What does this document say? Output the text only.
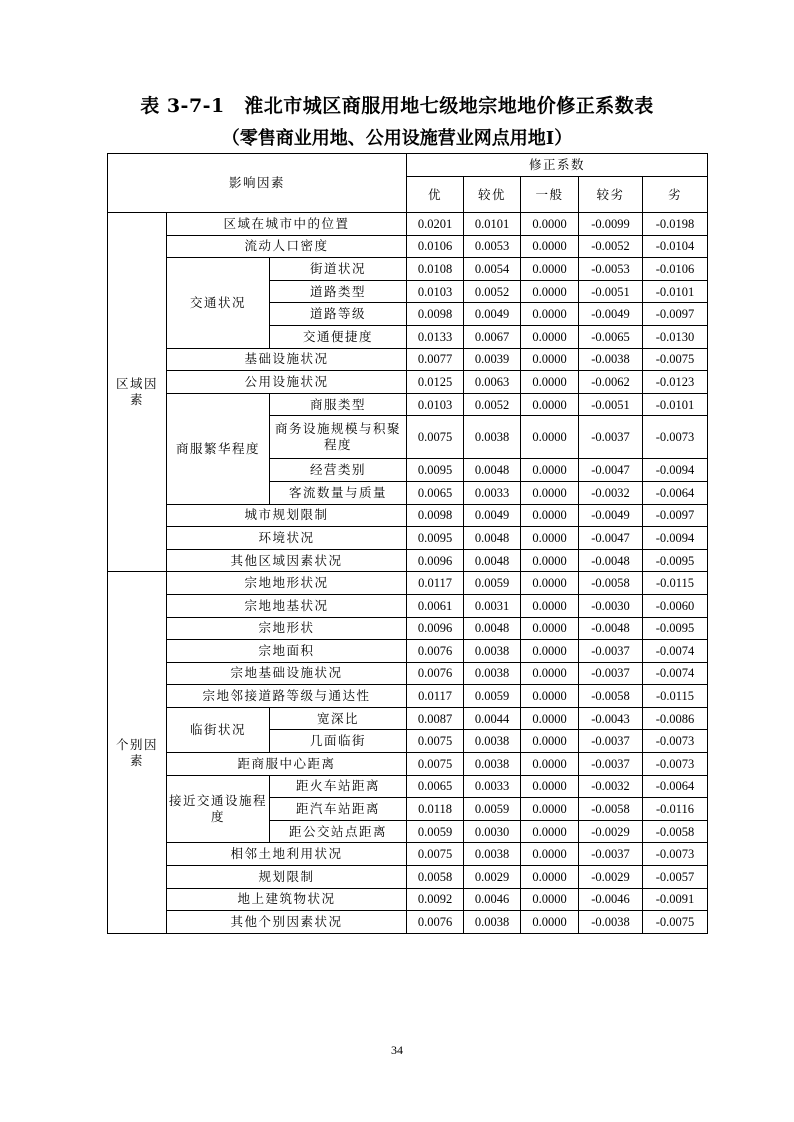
表 3-7-1　淮北市城区商服用地七级地宗地地价修正系数表
（零售商业用地、公用设施营业网点用地I）
影响因素			修正系数				
			优	较优	一般	较劣	劣
区域因素	区域在城市中的位置		0.0201	0.0101	0.0000	-0.0099	-0.0198
	流动人口密度		0.0106	0.0053	0.0000	-0.0052	-0.0104
	交通状况	街道状况	0.0108	0.0054	0.0000	-0.0053	-0.0106
		道路类型	0.0103	0.0052	0.0000	-0.0051	-0.0101
		道路等级	0.0098	0.0049	0.0000	-0.0049	-0.0097
		交通便捷度	0.0133	0.0067	0.0000	-0.0065	-0.0130
	基础设施状况		0.0077	0.0039	0.0000	-0.0038	-0.0075
	公用设施状况		0.0125	0.0063	0.0000	-0.0062	-0.0123
	商服繁华程度	商服类型	0.0103	0.0052	0.0000	-0.0051	-0.0101
		商务设施规模与积聚程度	0.0075	0.0038	0.0000	-0.0037	-0.0073
		经营类别	0.0095	0.0048	0.0000	-0.0047	-0.0094
		客流数量与质量	0.0065	0.0033	0.0000	-0.0032	-0.0064
	城市规划限制		0.0098	0.0049	0.0000	-0.0049	-0.0097
	环境状况		0.0095	0.0048	0.0000	-0.0047	-0.0094
	其他区域因素状况		0.0096	0.0048	0.0000	-0.0048	-0.0095
个别因素	宗地地形状况		0.0117	0.0059	0.0000	-0.0058	-0.0115
	宗地地基状况		0.0061	0.0031	0.0000	-0.0030	-0.0060
	宗地形状		0.0096	0.0048	0.0000	-0.0048	-0.0095
	宗地面积		0.0076	0.0038	0.0000	-0.0037	-0.0074
	宗地基础设施状况		0.0076	0.0038	0.0000	-0.0037	-0.0074
	宗地邻接道路等级与通达性		0.0117	0.0059	0.0000	-0.0058	-0.0115
	临街状况	宽深比	0.0087	0.0044	0.0000	-0.0043	-0.0086
		几面临街	0.0075	0.0038	0.0000	-0.0037	-0.0073
	距商服中心距离		0.0075	0.0038	0.0000	-0.0037	-0.0073
	接近交通设施程度	距火车站距离	0.0065	0.0033	0.0000	-0.0032	-0.0064
		距汽车站距离	0.0118	0.0059	0.0000	-0.0058	-0.0116
		距公交站点距离	0.0059	0.0030	0.0000	-0.0029	-0.0058
	相邻土地利用状况		0.0075	0.0038	0.0000	-0.0037	-0.0073
	规划限制		0.0058	0.0029	0.0000	-0.0029	-0.0057
	地上建筑物状况		0.0092	0.0046	0.0000	-0.0046	-0.0091
	其他个别因素状况		0.0076	0.0038	0.0000	-0.0038	-0.0075
34
